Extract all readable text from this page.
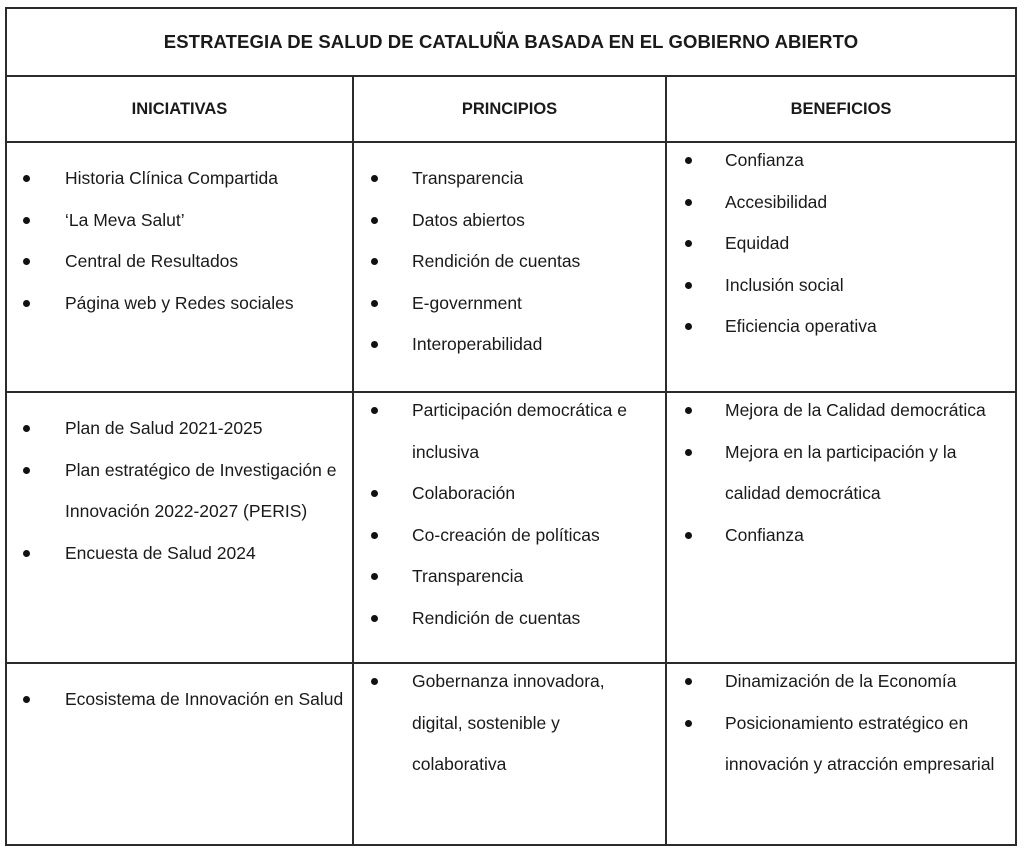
ESTRATEGIA DE SALUD DE CATALUÑA BASADA EN EL GOBIERNO ABIERTO
INICIATIVAS	PRINCIPIOS	BENEFICIOS
Historia Clínica Compartida
‘La Meva Salut’
Central de Resultados
Página web y Redes sociales
Transparencia
Datos abiertos
Rendición de cuentas
E-government
Interoperabilidad
Confianza
Accesibilidad
Equidad
Inclusión social
Eficiencia operativa
Plan de Salud 2021-2025
Plan estratégico de Investigación e Innovación 2022-2027 (PERIS)
Encuesta de Salud 2024
Participación democrática e inclusiva
Colaboración
Co-creación de políticas
Transparencia
Rendición de cuentas
Mejora de la Calidad democrática
Mejora en la participación y la calidad democrática
Confianza
Ecosistema de Innovación en Salud
Gobernanza innovadora, digital, sostenible y colaborativa
Dinamización de la Economía
Posicionamiento estratégico en innovación y atracción empresarial
